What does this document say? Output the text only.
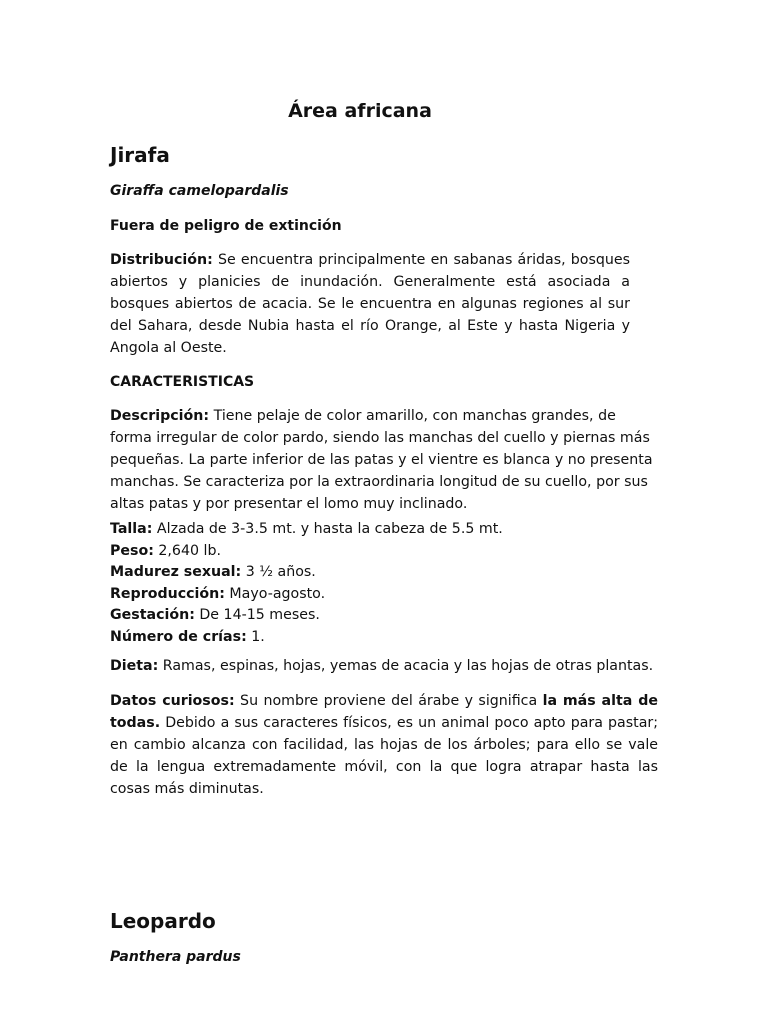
Área africana
Jirafa
Giraffa camelopardalis
Fuera de peligro de extinción
Distribución: Se encuentra principalmente en sabanas áridas, bosques abiertos y planicies de inundación. Generalmente está asociada a bosques abiertos de acacia. Se le encuentra en algunas regiones al sur del Sahara, desde Nubia hasta el río Orange, al Este y hasta Nigeria y Angola al Oeste.
CARACTERISTICAS
Descripción: Tiene pelaje de color amarillo, con manchas grandes, de forma irregular de color pardo, siendo las manchas del cuello y piernas más pequeñas. La parte inferior de las patas y el vientre es blanca y no presenta manchas. Se caracteriza por la extraordinaria longitud de su cuello, por sus altas patas y por presentar el lomo muy inclinado.
Talla: Alzada de 3-3.5 mt. y hasta la cabeza de 5.5 mt.
Peso: 2,640 lb.
Madurez sexual: 3 ½ años.
Reproducción: Mayo-agosto.
Gestación: De 14-15 meses.
Número de crías: 1.
Dieta: Ramas, espinas, hojas, yemas de acacia y las hojas de otras plantas.
Datos curiosos: Su nombre proviene del árabe y significa la más alta de todas. Debido a sus caracteres físicos, es un animal poco apto para pastar; en cambio alcanza con facilidad, las hojas de los árboles; para ello se vale de la lengua extremadamente móvil, con la que logra atrapar hasta las cosas más diminutas.
Leopardo
Panthera pardus
